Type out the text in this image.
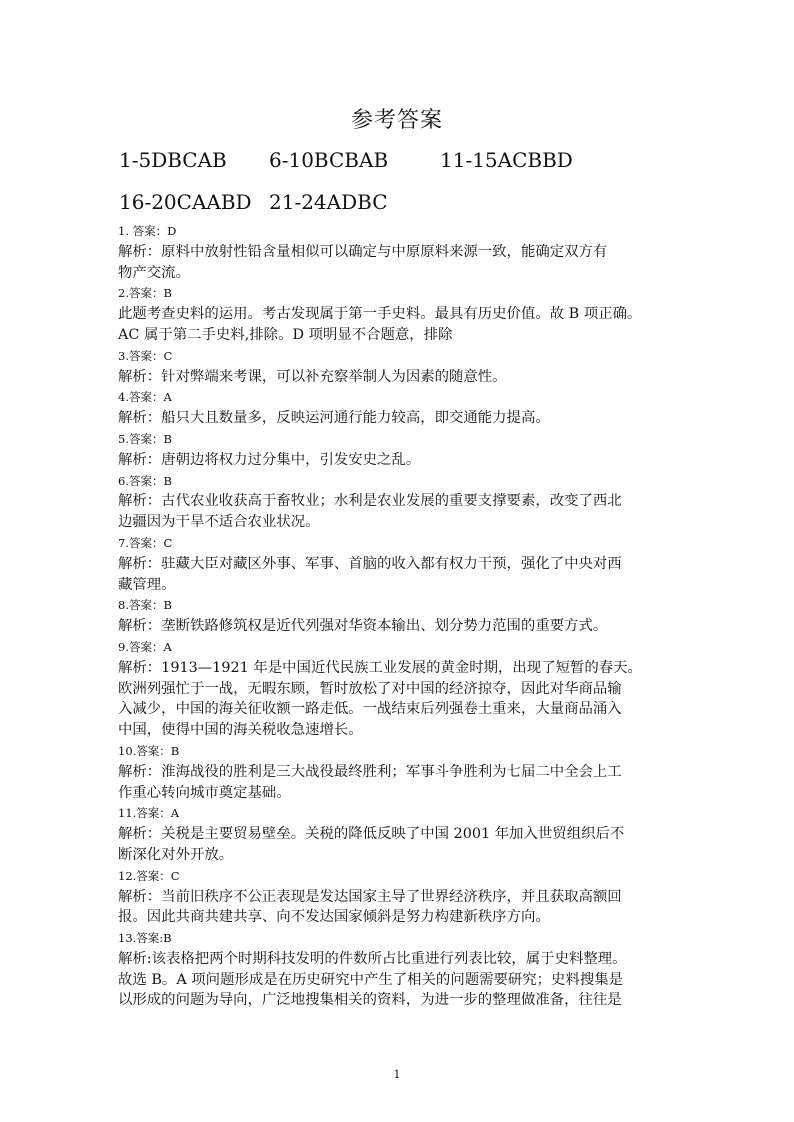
参考答案
1-5DBCAB 6-10BCBAB	11-15ACBBD
16-20CAABD 21-24ADBC
1. 答案：D
解析：原料中放射性铅含量相似可以确定与中原原料来源一致，能确定双方有
物产交流。
2.答案：B
此题考查史料的运用。考古发现属于第一手史料。最具有历史价值。故 B 项正确。
AC 属于第二手史料,排除。D 项明显不合题意，排除
3.答案：C
解析：针对弊端来考课，可以补充察举制人为因素的随意性。
4.答案：A
解析：船只大且数量多，反映运河通行能力较高，即交通能力提高。
5.答案：B
解析：唐朝边将权力过分集中，引发安史之乱。
6.答案：B
解析：古代农业收获高于畜牧业；水利是农业发展的重要支撑要素，改变了西北
边疆因为干旱不适合农业状况。
7.答案：C
解析：驻藏大臣对藏区外事、军事、首脑的收入都有权力干预，强化了中央对西
藏管理。
8.答案：B
解析：垄断铁路修筑权是近代列强对华资本输出、划分势力范围的重要方式。
9.答案：A
解析：1913—1921 年是中国近代民族工业发展的黄金时期，出现了短暂的春天。
欧洲列强忙于一战，无暇东顾，暂时放松了对中国的经济掠夺，因此对华商品输
入减少，中国的海关征收额一路走低。一战结束后列强卷土重来，大量商品涌入
中国，使得中国的海关税收急速增长。
10.答案：B
解析：淮海战役的胜利是三大战役最终胜利；军事斗争胜利为七届二中全会上工
作重心转向城市奠定基础。
11.答案：A
解析：关税是主要贸易壁垒。关税的降低反映了中国 2001 年加入世贸组织后不
断深化对外开放。
12.答案：C
解析：当前旧秩序不公正表现是发达国家主导了世界经济秩序，并且获取高额回
报。因此共商共建共享、向不发达国家倾斜是努力构建新秩序方向。
13.答案:B
解析:该表格把两个时期科技发明的件数所占比重进行列表比较，属于史料整理。
故选 B。A 项问题形成是在历史研究中产生了相关的问题需要研究；史料搜集是
以形成的问题为导向，广泛地搜集相关的资料，为进一步的整理做准备，往往是
1
